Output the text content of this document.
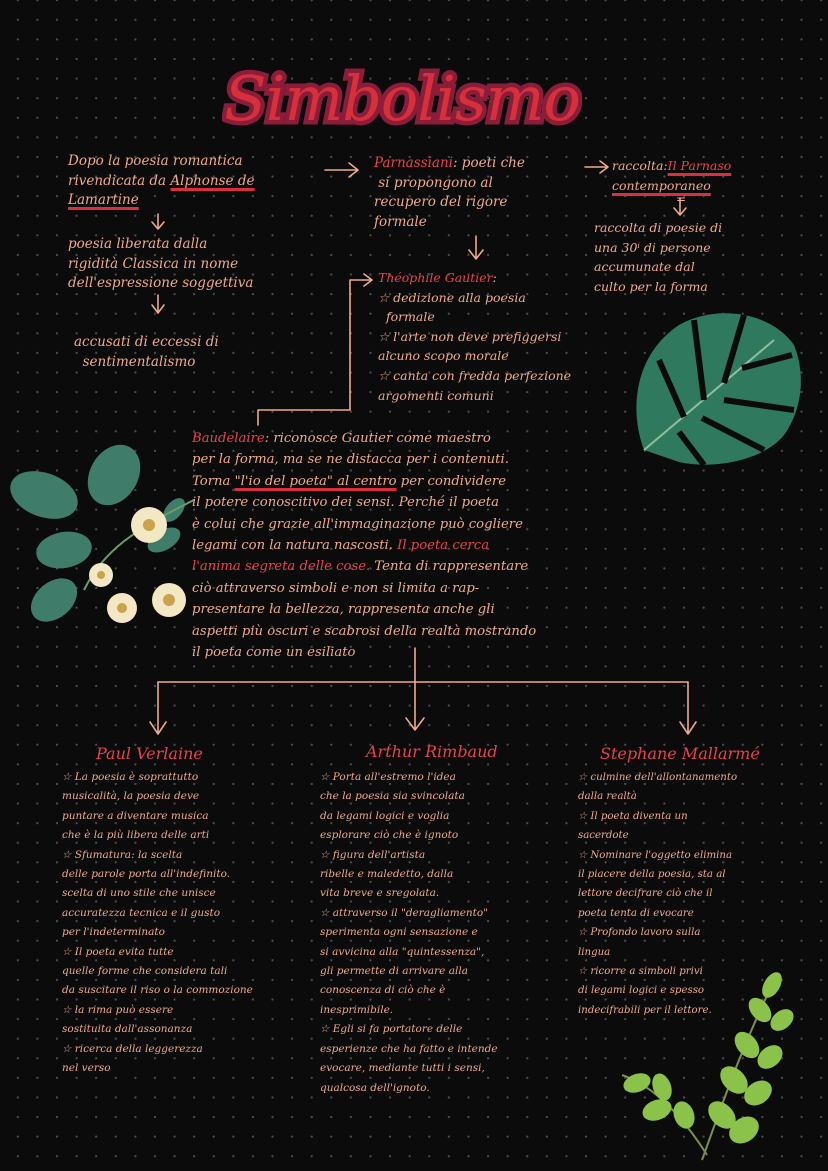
Simbolismo
Dopo la poesia romantica
rivendicata da Alphonse de
Lamartine
poesia liberata dalla
rigidità Classica in nome
dell'espressione soggettiva
accusati di eccessi di
sentimentalismo
Parnassiani: poeti che
si propongono al
recupero del rigore
formale
raccolta:Il Parnaso
contemporaneo
raccolta di poesie di
una 30ⁱ di persone
accumunate dal
culto per la forma
=
Théophile Gautier:
☆ dedizione alla poesia
formale
☆ l'arte non deve prefiggersi
alcuno scopo morale
☆ canta con fredda perfezione
argomenti comuni
Baudelaire: riconosce Gautier come maestro
per la forma, ma se ne distacca per i contenuti.
Torna "l'io del poeta" al centro per condividere
il potere conoscitivo dei sensi. Perché il poeta
è colui che grazie all'immaginazione può cogliere
legami con la natura nascosti. Il poeta cerca
l'anima segreta delle cose. Tenta di rappresentare
ciò attraverso simboli e non si limita a rap-
presentare la bellezza, rappresenta anche gli
aspetti più oscuri e scabrosi della realtà mostrando
il poeta come un esiliato
Paul Verlaine	Arthur Rimbaud	Stephane Mallarmé
☆ La poesia è soprattutto
musicalità, la poesia deve
puntare a diventare musica
che è la più libera delle arti
☆ Sfumatura: la scelta
delle parole porta all'indefinito.
scelta di uno stile che unisce
accuratezza tecnica e il gusto
per l'indeterminato
☆ Il poeta evita tutte
quelle forme che considera tali
da suscitare il riso o la commozione
☆ la rima può essere
sostituita dall'assonanza
☆ ricerca della leggerezza
nel verso
☆ Porta all'estremo l'idea
che la poesia sia svincolata
da legami logici e voglia
esplorare ciò che è ignoto
☆ figura dell'artista
ribelle e maledetto, dalla
vita breve e sregolata.
☆ attraverso il "deragliamento"
sperimenta ogni sensazione e
si avvicina alla "quintessenza",
gli permette di arrivare alla
conoscenza di ciò che è
inesprimibile.
☆ Egli si fa portatore delle
esperienze che ha fatto e intende
evocare, mediante tutti i sensi,
qualcosa dell'ignoto.
☆ culmine dell'allontanamento
dalla realtà
☆ Il poeta diventa un
sacerdote
☆ Nominare l'oggetto elimina
il piacere della poesia, sta al
lettore decifrare ciò che il
poeta tenta di evocare
☆ Profondo lavoro sulla
lingua
☆ ricorre a simboli privi
di legami logici e spesso
indecifrabili per il lettore.
